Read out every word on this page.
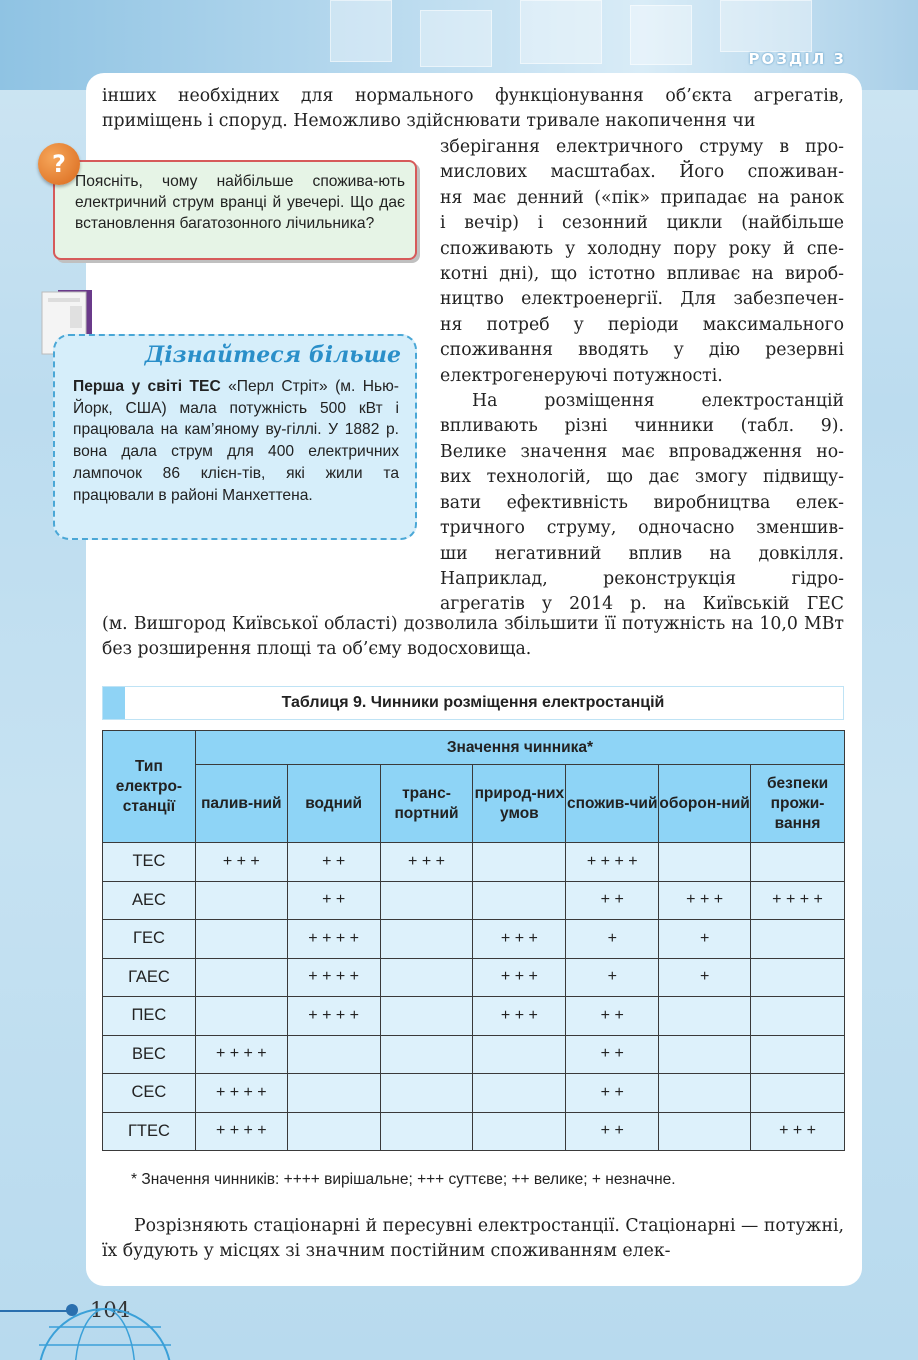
РОЗДІЛ 3

інших необхідних для нормального функціонування об’єкта агрегатів, приміщень і споруд. Неможливо здійснювати тривале накопичення чи

зберігання електричного струму в про-
мислових масштабах. Його споживан-
ня має денний («пік» припадає на ранок
і вечір) і сезонний цикли (найбільше
споживають у холодну пору року й спе-
котні дні), що істотно впливає на вироб-
ництво електроенергії. Для забезпечен-
ня потреб у періоди максимального
споживання вводять у дію резервні
електрогенеруючі потужності.
На розміщення електростанцій
впливають різні чинники (табл. 9).
Велике значення має впровадження но-
вих технологій, що дає змогу підвищу-
вати ефективність виробництва елек-
тричного струму, одночасно зменшив-
ши негативний вплив на довкілля.
Наприклад, реконструкція гідро-
агрегатів у 2014 р. на Київській ГЕС

(м. Вишгород Київської області) дозволила збільшити її потужність на 10,0 МВт без розширення площі та об’єму водосховища.

Поясніть, чому найбільше спожива-ють електричний струм вранці й увечері. Що дає встановлення багатозонного лічильника?

?
Дізнайтеся більше

Перша у світі ТЕС «Перл Стріт» (м. Нью-Йорк, США) мала потужність 500 кВт і працювала на кам’яному ву-гіллі. У 1882 р. вона дала струм для 400 електричних лампочок 86 клієн-тів, які жили та працювали в районі Манхеттена.

Таблиця 9. Чинники розміщення електростанцій
Тип електро-станції	Значення чинника*						
	палив-ний	водний	транс-портний	природ-них умов	спожив-чий	оборон-ний	безпеки прожи-вання
ТЕС	+ + +	+ +	+ + +		+ + + +		
АЕС		+ +			+ +	+ + +	+ + + +
ГЕС		+ + + +		+ + +	+	+	
ГАЕС		+ + + +		+ + +	+	+	
ПЕС		+ + + +		+ + +	+ +		
ВЕС	+ + + +				+ +		
СЕС	+ + + +				+ +		
ГТЕС	+ + + +				+ +		+ + +
* Значення чинників: ++++ вирішальне; +++ суттєве; ++ велике; + незначне.

Розрізняють стаціонарні й пересувні електростанції. Стаціонарні — потужні, їх будують у місцях зі значним постійним споживанням елек-

104
